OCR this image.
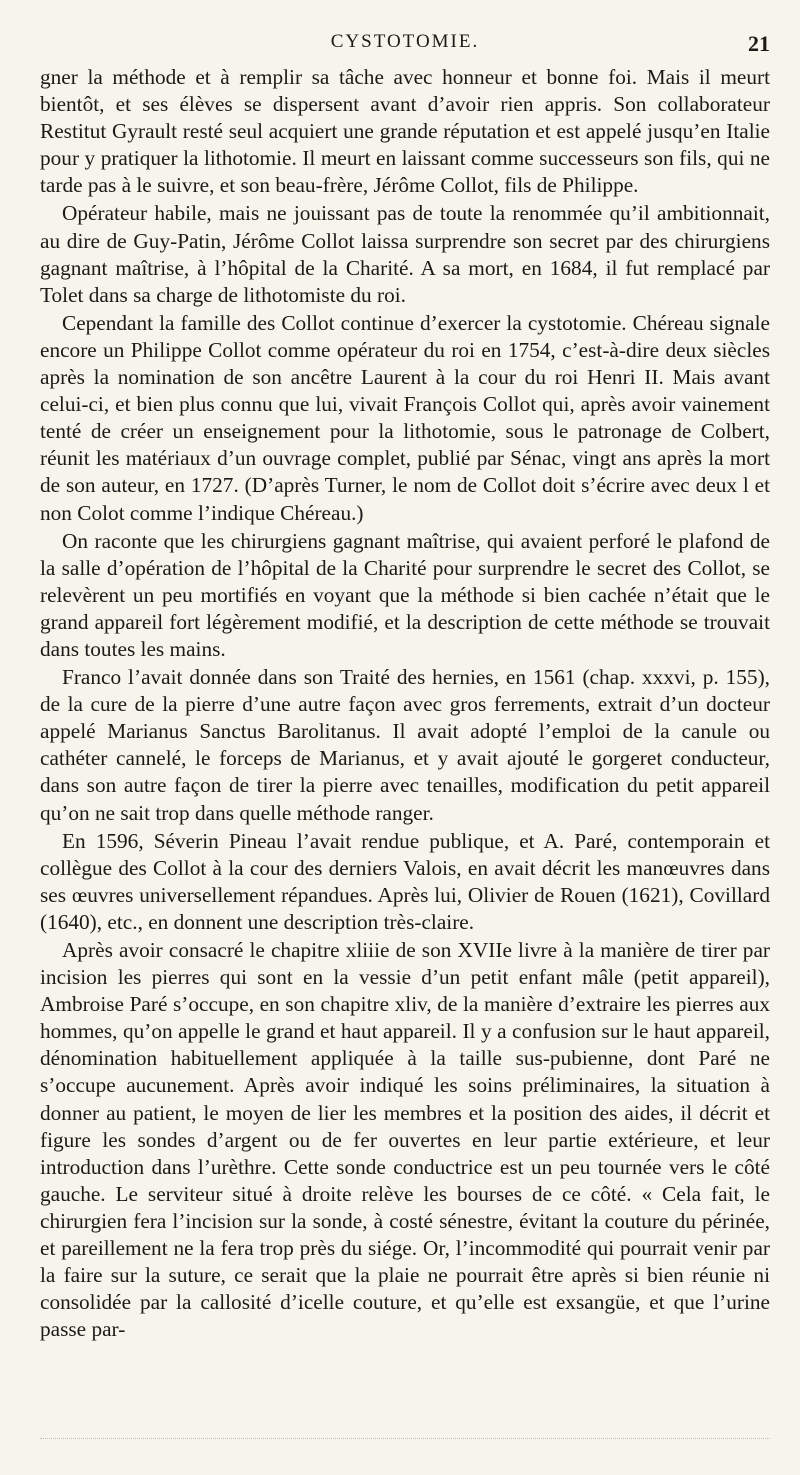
CYSTOTOMIE.	21

gner la méthode et à remplir sa tâche avec honneur et bonne foi. Mais il meurt bientôt, et ses élèves se dispersent avant d’avoir rien appris. Son collaborateur Restitut Gyrault resté seul acquiert une grande réputation et est appelé jusqu’en Italie pour y pratiquer la lithotomie. Il meurt en laissant comme successeurs son fils, qui ne tarde pas à le suivre, et son beau-frère, Jérôme Collot, fils de Philippe.

Opérateur habile, mais ne jouissant pas de toute la renommée qu’il ambitionnait, au dire de Guy-Patin, Jérôme Collot laissa surprendre son secret par des chirurgiens gagnant maîtrise, à l’hôpital de la Charité. A sa mort, en 1684, il fut remplacé par Tolet dans sa charge de lithotomiste du roi.

Cependant la famille des Collot continue d’exercer la cystotomie. Chéreau signale encore un Philippe Collot comme opérateur du roi en 1754, c’est-à-dire deux siècles après la nomination de son ancêtre Laurent à la cour du roi Henri II. Mais avant celui-ci, et bien plus connu que lui, vivait François Collot qui, après avoir vainement tenté de créer un enseignement pour la lithotomie, sous le patronage de Colbert, réunit les matériaux d’un ouvrage complet, publié par Sénac, vingt ans après la mort de son auteur, en 1727. (D’après Turner, le nom de Collot doit s’écrire avec deux l et non Colot comme l’indique Chéreau.)

On raconte que les chirurgiens gagnant maîtrise, qui avaient perforé le plafond de la salle d’opération de l’hôpital de la Charité pour surprendre le secret des Collot, se relevèrent un peu mortifiés en voyant que la méthode si bien cachée n’était que le grand appareil fort légèrement modifié, et la description de cette méthode se trouvait dans toutes les mains.

Franco l’avait donnée dans son Traité des hernies, en 1561 (chap. xxxvi, p. 155), de la cure de la pierre d’une autre façon avec gros ferrements, extrait d’un docteur appelé Marianus Sanctus Barolitanus. Il avait adopté l’emploi de la canule ou cathéter cannelé, le forceps de Marianus, et y avait ajouté le gorgeret conducteur, dans son autre façon de tirer la pierre avec tenailles, modification du petit appareil qu’on ne sait trop dans quelle méthode ranger.

En 1596, Séverin Pineau l’avait rendue publique, et A. Paré, contemporain et collègue des Collot à la cour des derniers Valois, en avait décrit les manœuvres dans ses œuvres universellement répandues. Après lui, Olivier de Rouen (1621), Covillard (1640), etc., en donnent une description très-claire.

Après avoir consacré le chapitre xliiie de son XVIIe livre à la manière de tirer par incision les pierres qui sont en la vessie d’un petit enfant mâle (petit appareil), Ambroise Paré s’occupe, en son chapitre xliv, de la manière d’extraire les pierres aux hommes, qu’on appelle le grand et haut appareil. Il y a confusion sur le haut appareil, dénomination habituellement appliquée à la taille sus-pubienne, dont Paré ne s’occupe aucunement. Après avoir indiqué les soins préliminaires, la situation à donner au patient, le moyen de lier les membres et la position des aides, il décrit et figure les sondes d’argent ou de fer ouvertes en leur partie extérieure, et leur introduction dans l’urèthre. Cette sonde conductrice est un peu tournée vers le côté gauche. Le serviteur situé à droite relève les bourses de ce côté. « Cela fait, le chirurgien fera l’incision sur la sonde, à costé sénestre, évitant la couture du périnée, et pareillement ne la fera trop près du siége. Or, l’incommodité qui pourrait venir par la faire sur la suture, ce serait que la plaie ne pourrait être après si bien réunie ni consolidée par la callosité d’icelle couture, et qu’elle est exsangüe, et que l’urine passe par-
